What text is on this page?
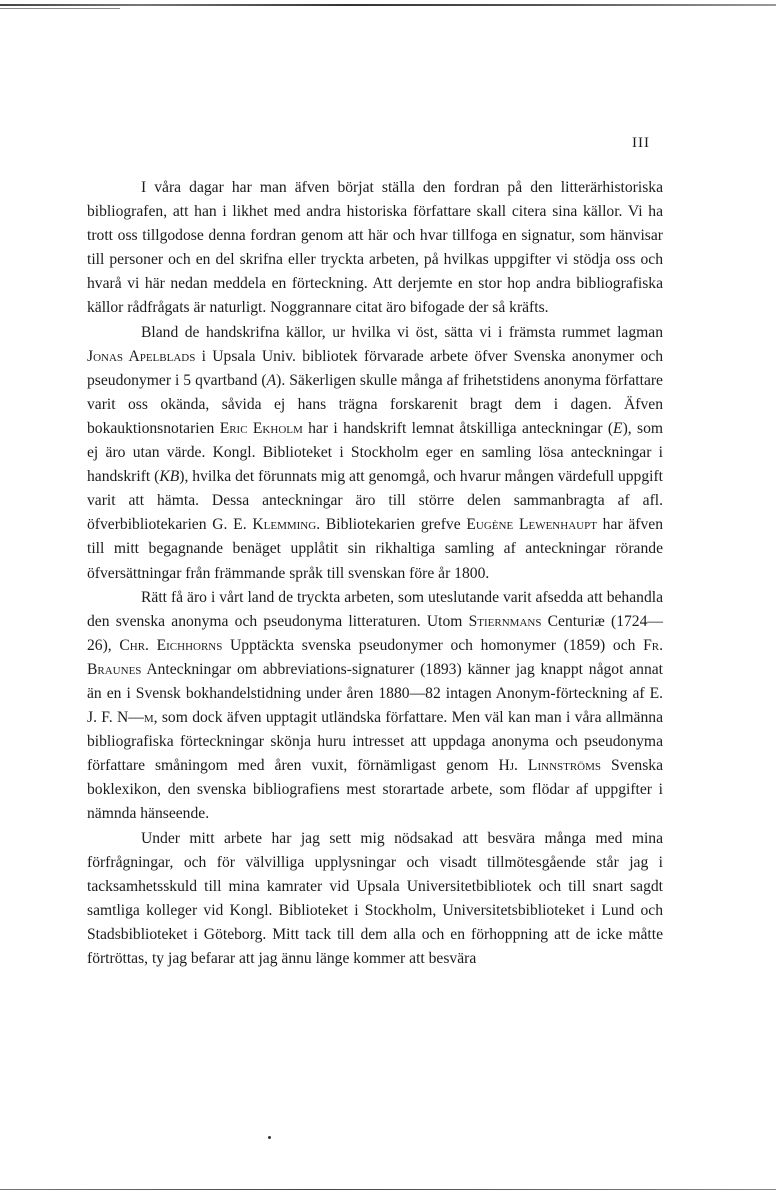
III

I våra dagar har man äfven börjat ställa den fordran på den litterärhistoriska bibliografen, att han i likhet med andra historiska författare skall citera sina källor. Vi ha trott oss tillgodose denna fordran genom att här och hvar tillfoga en signatur, som hänvisar till personer och en del skrifna eller tryckta arbeten, på hvilkas uppgifter vi stödja oss och hvarå vi här nedan meddela en förteckning. Att derjemte en stor hop andra bibliografiska källor rådfrågats är naturligt. Noggrannare citat äro bifogade der så kräfts.

Bland de handskrifna källor, ur hvilka vi öst, sätta vi i främsta rummet lagman Jonas Apelblads i Upsala Univ. bibliotek förvarade arbete öfver Svenska anonymer och pseudonymer i 5 qvartband (A). Säkerligen skulle många af frihetstidens anonyma författare varit oss okända, såvida ej hans trägna forskarenit bragt dem i dagen. Äfven bokauktionsnotarien Eric Ekholm har i handskrift lemnat åtskilliga anteckningar (E), som ej äro utan värde. Kongl. Biblioteket i Stockholm eger en samling lösa anteckningar i handskrift (KB), hvilka det förunnats mig att genomgå, och hvarur mången värdefull uppgift varit att hämta. Dessa anteckningar äro till större delen sammanbragta af afl. öfverbibliotekarien G. E. Klemming. Bibliotekarien grefve Eugène Lewenhaupt har äfven till mitt begagnande benäget upplåtit sin rikhaltiga samling af anteckningar rörande öfversättningar från främmande språk till svenskan före år 1800.

Rätt få äro i vårt land de tryckta arbeten, som uteslutande varit afsedda att behandla den svenska anonyma och pseudonyma litteraturen. Utom Stiernmans Centuriæ (1724—26), Chr. Eichhorns Upptäckta svenska pseudonymer och homonymer (1859) och Fr. Braunes Anteckningar om abbreviations-signaturer (1893) känner jag knappt något annat än en i Svensk bokhandelstidning under åren 1880—82 intagen Anonym-förteckning af E. J. F. N—m, som dock äfven upptagit utländska författare. Men väl kan man i våra allmänna bibliografiska förteckningar skönja huru intresset att uppdaga anonyma och pseudonyma författare småningom med åren vuxit, förnämligast genom Hj. Linnströms Svenska boklexikon, den svenska bibliografiens mest storartade arbete, som flödar af uppgifter i nämnda hänseende.

Under mitt arbete har jag sett mig nödsakad att besvära många med mina förfrågningar, och för välvilliga upplysningar och visadt tillmötesgående står jag i tacksamhetsskuld till mina kamrater vid Upsala Universitetbibliotek och till snart sagdt samtliga kolleger vid Kongl. Biblioteket i Stockholm, Universitetsbiblioteket i Lund och Stadsbiblioteket i Göteborg. Mitt tack till dem alla och en förhoppning att de icke måtte förtröttas, ty jag befarar att jag ännu länge kommer att besvära
